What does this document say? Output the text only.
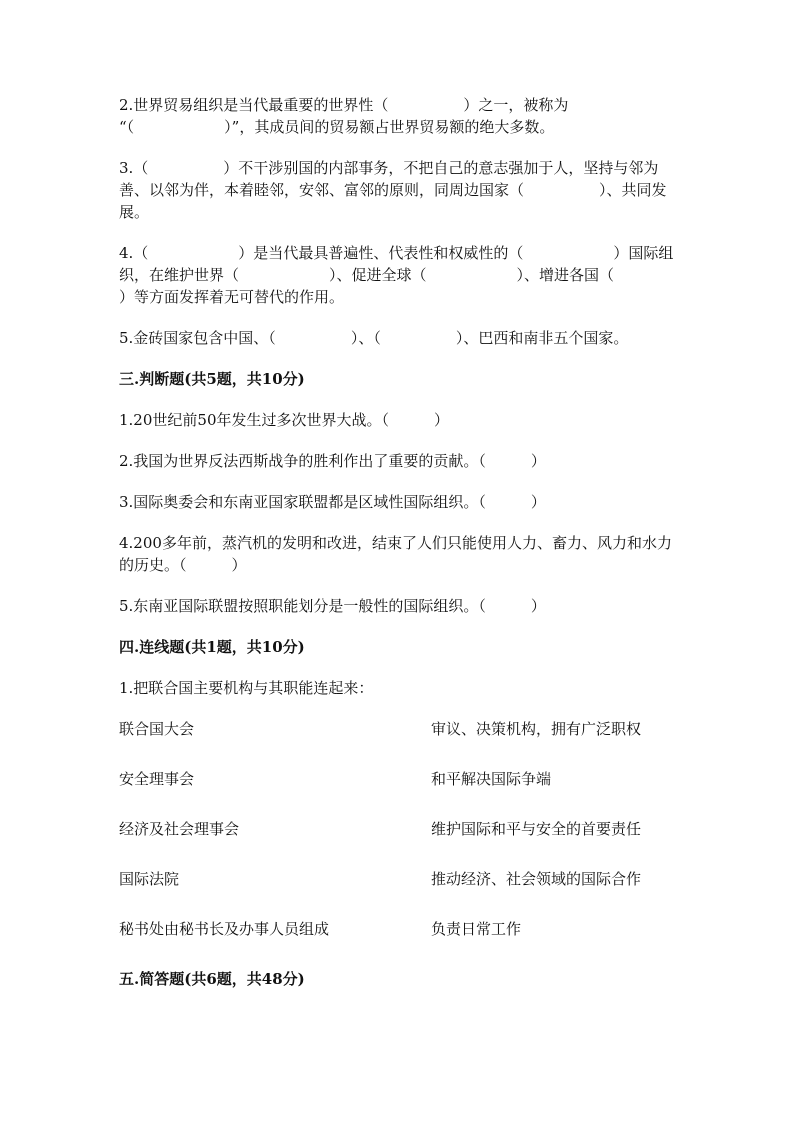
2.世界贸易组织是当代最重要的世界性（　　　　　）之一，被称为
“（　　　　　　）”，其成员间的贸易额占世界贸易额的绝大多数。

3.（　　　　　）不干涉别国的内部事务，不把自己的意志强加于人，坚持与邻为善、以邻为伴，本着睦邻，安邻、富邻的原则，同周边国家（　　　　　）、共同发展。

4.（　　　　　　）是当代最具普遍性、代表性和权威性的（　　　　　　）国际组织，在维护世界（　　　　　　）、促进全球（　　　　　　）、增进各国（　　　　　　）等方面发挥着无可替代的作用。

5.金砖国家包含中国、（　　　　　）、（　　　　　）、巴西和南非五个国家。

三.判断题(共5题，共10分)

1.20世纪前50年发生过多次世界大战。（　　　）

2.我国为世界反法西斯战争的胜利作出了重要的贡献。（　　　）

3.国际奥委会和东南亚国家联盟都是区域性国际组织。（　　　）

4.200多年前，蒸汽机的发明和改进，结束了人们只能使用人力、畜力、风力和水力的历史。（　　　）

5.东南亚国际联盟按照职能划分是一般性的国际组织。（　　　）

四.连线题(共1题，共10分)

1.把联合国主要机构与其职能连起来：

联合国大会	审议、决策机构，拥有广泛职权
安全理事会	和平解决国际争端
经济及社会理事会	维护国际和平与安全的首要责任
国际法院	推动经济、社会领域的国际合作
秘书处由秘书长及办事人员组成	负责日常工作
五.简答题(共6题，共48分)
